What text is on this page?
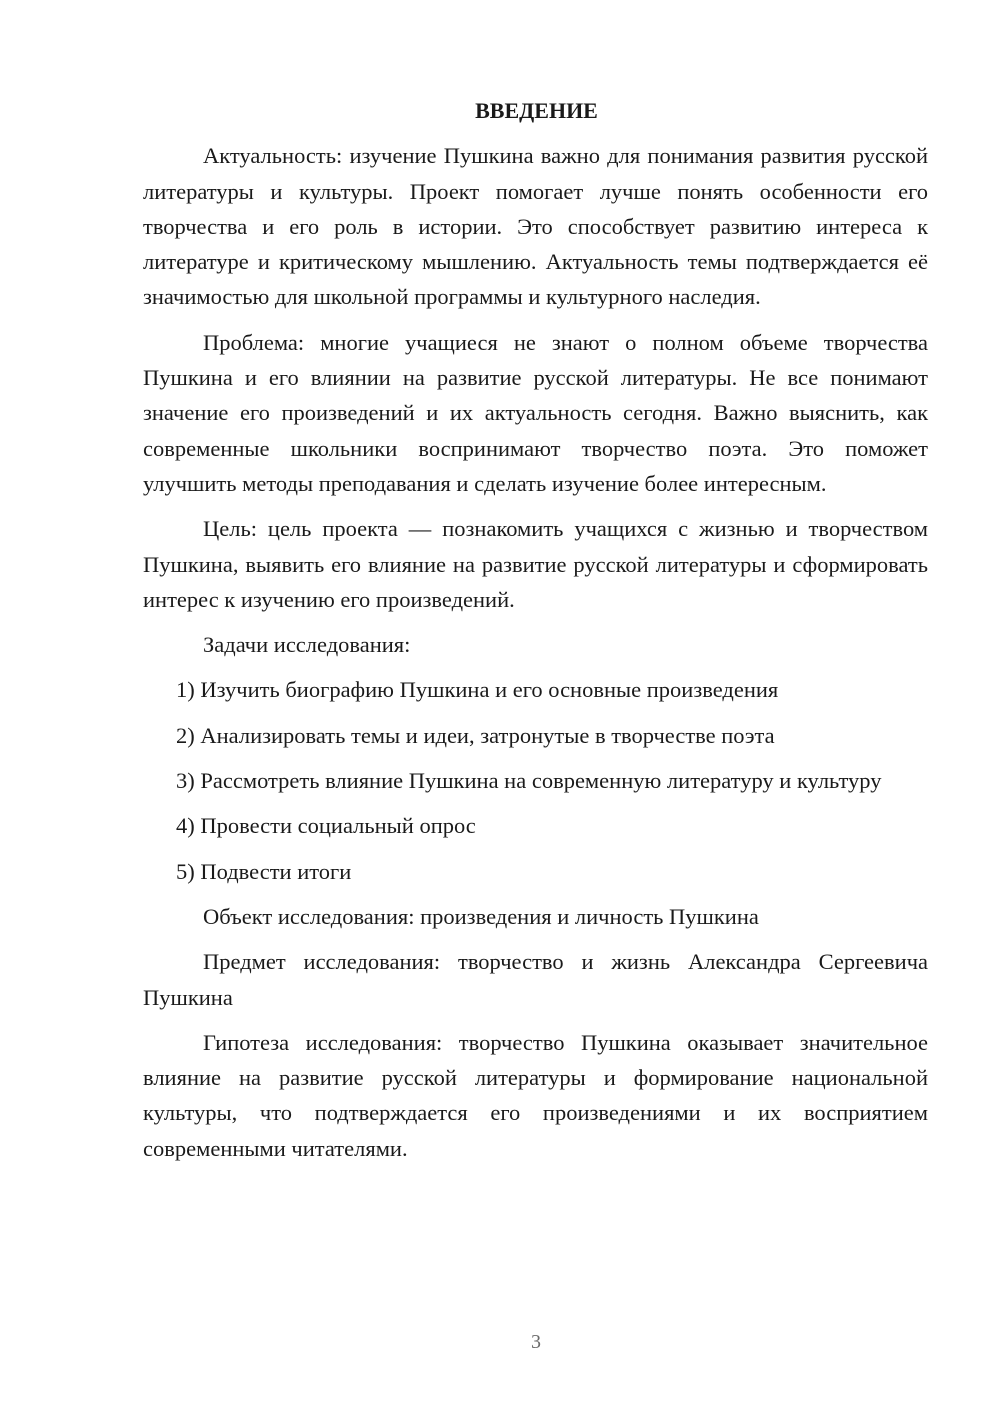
ВВЕДЕНИЕ

Актуальность: изучение Пушкина важно для понимания развития русской литературы и культуры. Проект помогает лучше понять особенности его творчества и его роль в истории. Это способствует развитию интереса к литературе и критическому мышлению. Актуальность темы подтверждается её значимостью для школьной программы и культурного наследия.

Проблема: многие учащиеся не знают о полном объеме творчества Пушкина и его влиянии на развитие русской литературы. Не все понимают значение его произведений и их актуальность сегодня. Важно выяснить, как современные школьники воспринимают творчество поэта. Это поможет улучшить методы преподавания и сделать изучение более интересным.

Цель: цель проекта — познакомить учащихся с жизнью и творчеством Пушкина, выявить его влияние на развитие русской литературы и сформировать интерес к изучению его произведений.

Задачи исследования:

1) Изучить биографию Пушкина и его основные произведения

2) Анализировать темы и идеи, затронутые в творчестве поэта

3) Рассмотреть влияние Пушкина на современную литературу и культуру

4) Провести социальный опрос

5) Подвести итоги

Объект исследования: произведения и личность Пушкина

Предмет исследования: творчество и жизнь Александра Сергеевича Пушкина

Гипотеза исследования: творчество Пушкина оказывает значительное влияние на развитие русской литературы и формирование национальной культуры, что подтверждается его произведениями и их восприятием современными читателями.

3
